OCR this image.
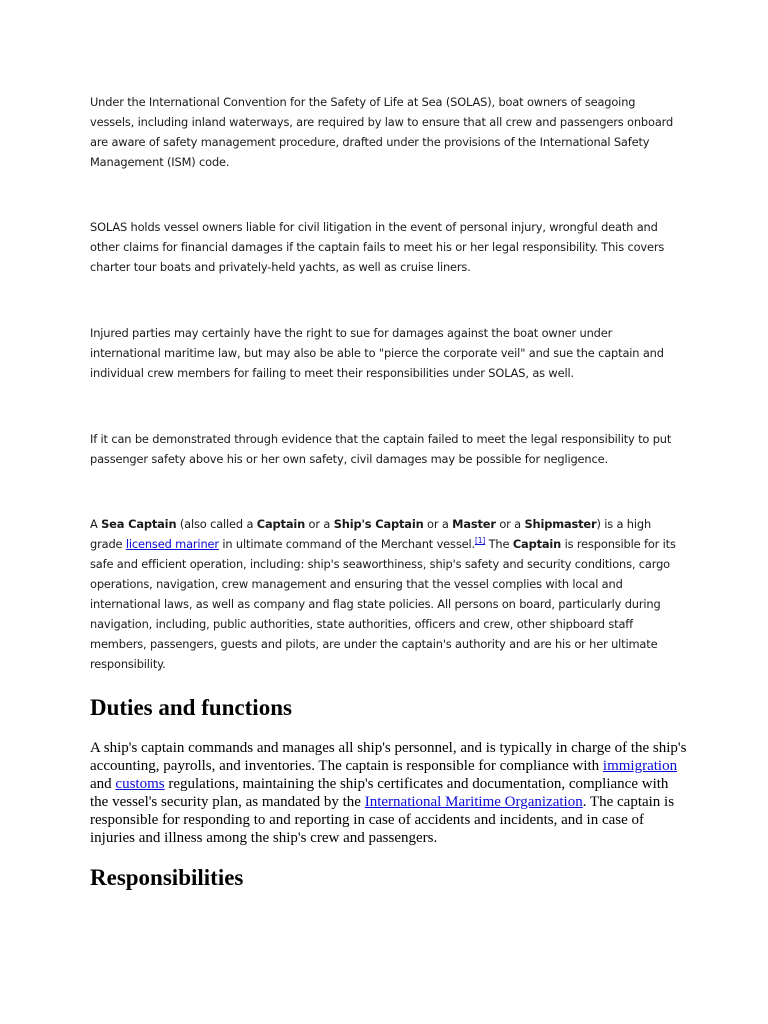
Under the International Convention for the Safety of Life at Sea (SOLAS), boat owners of seagoing vessels, including inland waterways, are required by law to ensure that all crew and passengers onboard are aware of safety management procedure, drafted under the provisions of the International Safety Management (ISM) code.

SOLAS holds vessel owners liable for civil litigation in the event of personal injury, wrongful death and other claims for financial damages if the captain fails to meet his or her legal responsibility. This covers charter tour boats and privately-held yachts, as well as cruise liners.

Injured parties may certainly have the right to sue for damages against the boat owner under international maritime law, but may also be able to "pierce the corporate veil" and sue the captain and individual crew members for failing to meet their responsibilities under SOLAS, as well.

If it can be demonstrated through evidence that the captain failed to meet the legal responsibility to put passenger safety above his or her own safety, civil damages may be possible for negligence.

A Sea Captain (also called a Captain or a Ship's Captain or a Master or a Shipmaster) is a high grade licensed mariner in ultimate command of the Merchant vessel.[1] The Captain is responsible for its safe and efficient operation, including: ship's seaworthiness, ship's safety and security conditions, cargo operations, navigation, crew management and ensuring that the vessel complies with local and international laws, as well as company and flag state policies. All persons on board, particularly during navigation, including, public authorities, state authorities, officers and crew, other shipboard staff members, passengers, guests and pilots, are under the captain's authority and are his or her ultimate responsibility.

Duties and functions

A ship's captain commands and manages all ship's personnel, and is typically in charge of the ship's accounting, payrolls, and inventories. The captain is responsible for compliance with immigration and customs regulations, maintaining the ship's certificates and documentation, compliance with the vessel's security plan, as mandated by the International Maritime Organization. The captain is responsible for responding to and reporting in case of accidents and incidents, and in case of injuries and illness among the ship's crew and passengers.

Responsibilities
